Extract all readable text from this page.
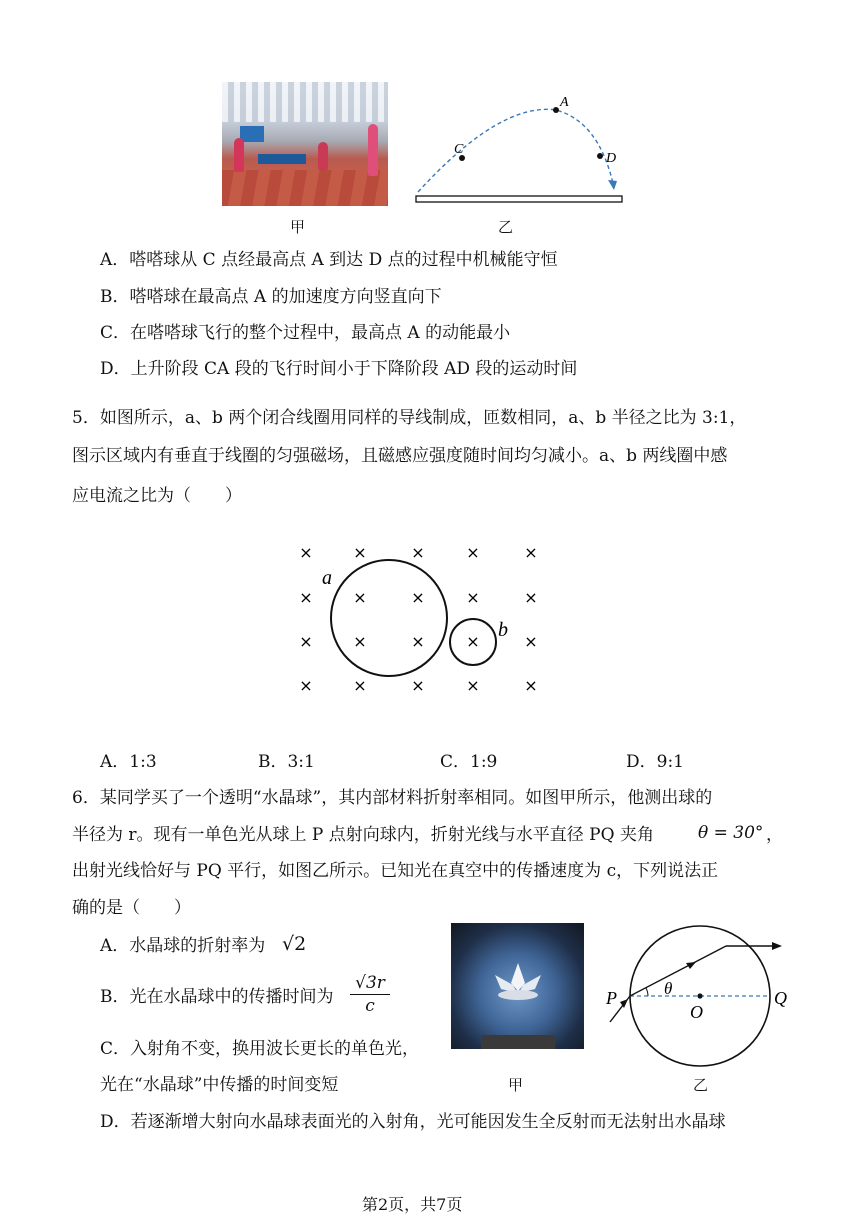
甲
A
C
D
乙
A．嗒嗒球从 C 点经最高点 A 到达 D 点的过程中机械能守恒
B．嗒嗒球在最高点 A 的加速度方向竖直向下
C．在嗒嗒球飞行的整个过程中，最高点 A 的动能最小
D．上升阶段 CA 段的飞行时间小于下降阶段 AD 段的运动时间
5．如图所示，a、b 两个闭合线圈用同样的导线制成，匝数相同，a、b 半径之比为 3:1，
图示区域内有垂直于线圈的匀强磁场，且磁感应强度随时间均匀减小。a、b 两线圈中感
应电流之比为（　　）
×	×	×	×	×
×	×	×	×	×
×	×	×	×	×
×	×	×	×	×
a
b
A．1:3	B．3:1	C．1:9	D．9:1
6．某同学买了一个透明“水晶球”，其内部材料折射率相同。如图甲所示，他测出球的
半径为 r。现有一单色光从球上 P 点射向球内，折射光线与水平直径 PQ 夹角	θ = 30° ，
出射光线恰好与 PQ 平行，如图乙所示。已知光在真空中的传播速度为 c，下列说法正
确的是（　　）
A．水晶球的折射率为 √2
B．光在水晶球中的传播时间为 $\frac{√3r}{c}$
C．入射角不变，换用波长更长的单色光，
光在“水晶球”中传播的时间变短
D．若逐渐增大射向水晶球表面光的入射角，光可能因发生全反射而无法射出水晶球
甲
P	Q
O
θ
乙
第2页，共7页
